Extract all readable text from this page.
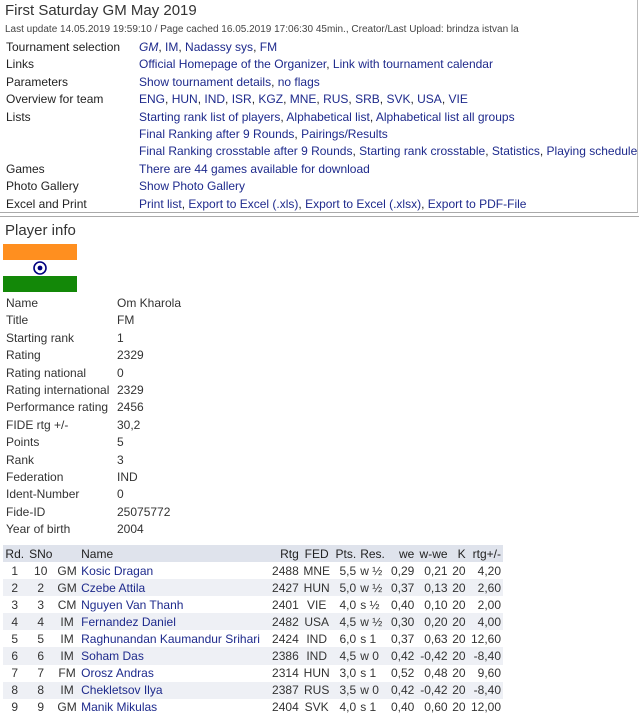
First Saturday GM May 2019
Last update 14.05.2019 19:59:10 / Page cached 16.05.2019 17:06:30 45min., Creator/Last Upload: brindza istvan la
Tournament selection GM, IM, Nadassy sys, FM
Links	Official Homepage of the Organizer, Link with tournament calendar
Parameters	Show tournament details, no flags
Overview for team	ENG, HUN, IND, ISR, KGZ, MNE, RUS, SRB, SVK, USA, VIE
Lists	Starting rank list of players, Alphabetical list, Alphabetical list all groups
Final Ranking after 9 Rounds, Pairings/Results
Final Ranking crosstable after 9 Rounds, Starting rank crosstable, Statistics, Playing schedule
Games	There are 44 games available for download
Photo Gallery	Show Photo Gallery
Excel and Print	Print list, Export to Excel (.xls), Export to Excel (.xlsx), Export to PDF-File
Player info
Name	Om Kharola
Title	FM
Starting rank	1
Rating	2329
Rating national	0
Rating international 2329
Performance rating 2456
FIDE rtg +/-	30,2
Points	5
Rank	3
Federation	IND
Ident-Number	0
Fide-ID	25075772
Year of birth	2004
Rd.	SNo		Name	Rtg	FED	Pts.	Res.	we	w-we	K	rtg+/-
1	10	GM	Kosic Dragan	2488	MNE	5,5	w ½	0,29	0,21	20	4,20
2	2	GM	Czebe Attila	2427	HUN	5,0	w ½	0,37	0,13	20	2,60
3	3	CM	Nguyen Van Thanh	2401	VIE	4,0	s ½	0,40	0,10	20	2,00
4	4	IM	Fernandez Daniel	2482	USA	4,5	w ½	0,30	0,20	20	4,00
5	5	IM	Raghunandan Kaumandur Srihari	2424	IND	6,0	s 1	0,37	0,63	20	12,60
6	6	IM	Soham Das	2386	IND	4,5	w 0	0,42	-0,42	20	-8,40
7	7	FM	Orosz Andras	2314	HUN	3,0	s 1	0,52	0,48	20	9,60
8	8	IM	Chekletsov Ilya	2387	RUS	3,5	w 0	0,42	-0,42	20	-8,40
9	9	GM	Manik Mikulas	2404	SVK	4,0	s 1	0,40	0,60	20	12,00
